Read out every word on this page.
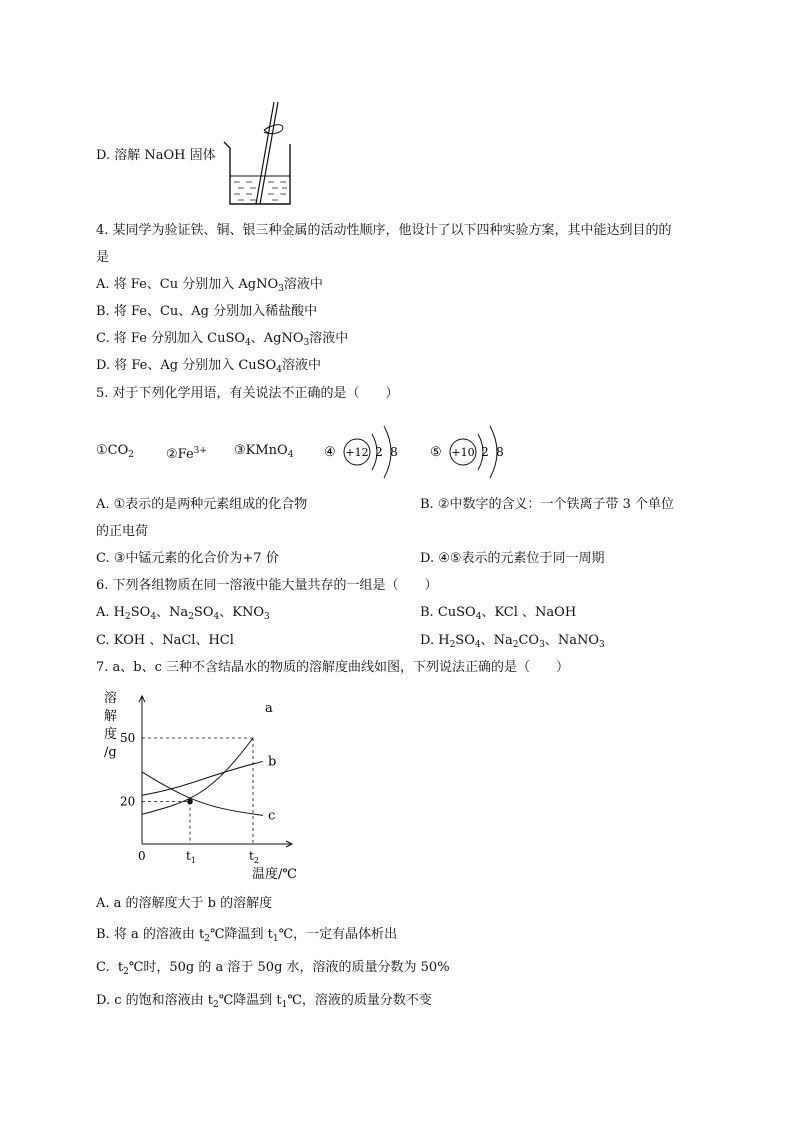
D. 溶解 NaOH 固体
4. 某同学为验证铁、铜、银三种金属的活动性顺序，他设计了以下四种实验方案，其中能达到目的的
是
A. 将 Fe、Cu 分别加入 AgNO$_3$溶液中
B. 将 Fe、Cu、Ag 分别加入稀盐酸中
C. 将 Fe 分别加入 CuSO$_4$、AgNO$_3$溶液中
D. 将 Fe、Ag 分别加入 CuSO$_4$溶液中
5. 对于下列化学用语，有关说法不正确的是（　　）
$①CO_2$ $②Fe^{3+}$ ③KMnO$_4$ ④ +12 2 8 ⑤ +10 2 8
A. ①表示的是两种元素组成的化合物	B. ②中数字的含义：一个铁离子带 3 个单位
的正电荷
C. ③中锰元素的化合价为+7 价	D. ④⑤表示的元素位于同一周期
6. 下列各组物质在同一溶液中能大量共存的一组是（　　）
A. $H_2SO_4$、$Na_2SO_4$、$KNO_3$	B. CuSO$_4$、KCl 、NaOH
C. KOH 、NaCl、HCl	D. $H_2SO_4$、$Na_2CO_3$、NaNO$_3$
7. a、b、c 三种不含结晶水的物质的溶解度曲线如图，下列说法正确的是（　　）
溶
解
度
/g
温度/℃
0	$t_1$	$t_2$
20
50
a
b
c
A. a 的溶解度大于 b 的溶解度
B. 将 a 的溶液由 $t_2℃$降温到 $t_1℃$，一定有晶体析出
C.  $t_2℃$时，50g 的 a 溶于 50g 水，溶液的质量分数为 50%
D. c 的饱和溶液由 $t_2℃$降温到 $t_1℃$，溶液的质量分数不变
